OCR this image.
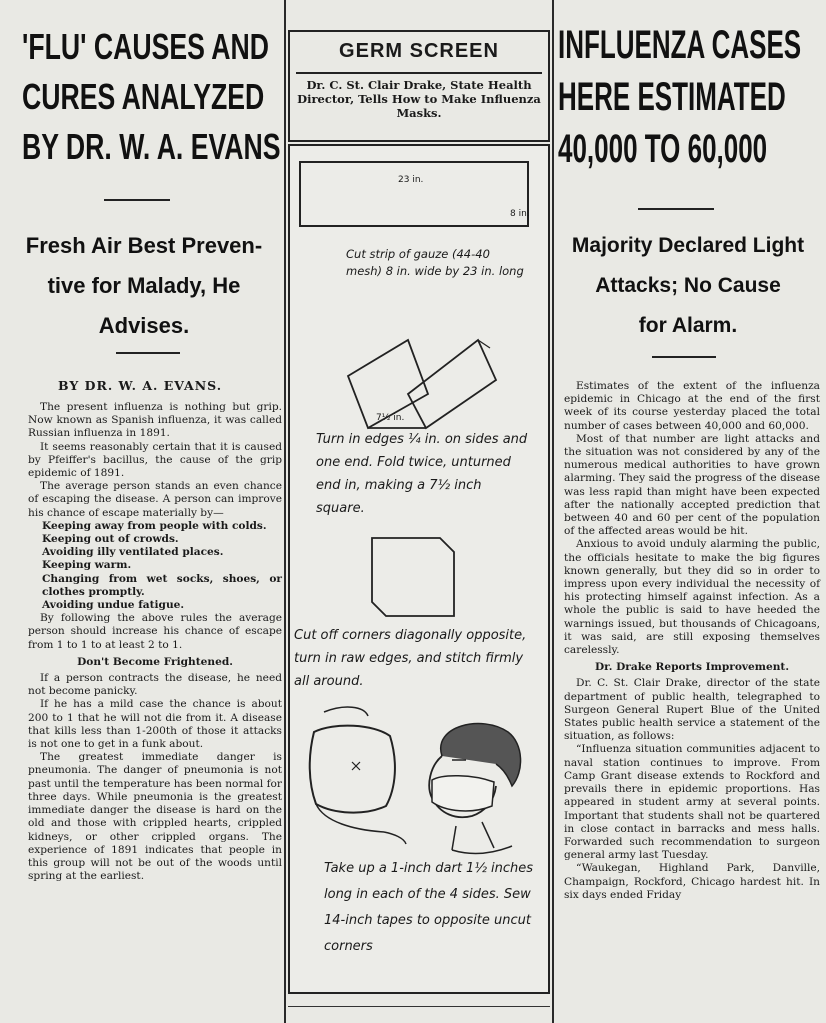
'FLU' CAUSES AND
CURES ANALYZED
BY DR. W. A. EVANS
Fresh Air Best Preven-
tive for Malady, He
Advises.
BY DR. W. A. EVANS.

The present influenza is nothing but grip. Now known as Spanish influenza, it was called Russian influenza in 1891.

It seems reasonably certain that it is caused by Pfeiffer's bacillus, the cause of the grip epidemic of 1891.

The average person stands an even chance of escaping the disease. A person can improve his chance of escape materially by—

Keeping away from people with colds.

Keeping out of crowds.

Avoiding illy ventilated places.

Keeping warm.

Changing from wet socks, shoes, or clothes promptly.

Avoiding undue fatigue.

By following the above rules the average person should increase his chance of escape from 1 to 1 to at least 2 to 1.

Don't Become Frightened.

If a person contracts the disease, he need not become panicky.

If he has a mild case the chance is about 200 to 1 that he will not die from it. A disease that kills less than 1-200th of those it attacks is not one to get in a funk about.

The greatest immediate danger is pneumonia. The danger of pneumonia is not past until the temperature has been normal for three days. While pneumonia is the greatest immediate danger the disease is hard on the old and those with crippled hearts, crippled kidneys, or other crippled organs. The experience of 1891 indicates that people in this group will not be out of the woods until spring at the earliest.

GERM SCREEN
Dr. C. St. Clair Drake, State Health Director, Tells How to Make Influenza Masks.
23 in.
8 in.
Cut strip of gauze (44-40 mesh) 8 in. wide by 23 in. long
7½ in.
Turn in edges ¼ in. on sides and one end. Fold twice, unturned end in, making a 7½ inch square.
Cut off corners diagonally opposite, turn in raw edges, and stitch firmly all around.
Take up a 1-inch dart 1½ inches long in each of the 4 sides. Sew 14-inch tapes to opposite uncut corners
INFLUENZA CASES
HERE ESTIMATED
40,000 TO 60,000
Majority Declared Light
Attacks; No Cause
for Alarm.

Estimates of the extent of the influenza epidemic in Chicago at the end of the first week of its course yesterday placed the total number of cases between 40,000 and 60,000.

Most of that number are light attacks and the situation was not considered by any of the numerous medical authorities to have grown alarming. They said the progress of the disease was less rapid than might have been expected after the nationally accepted prediction that between 40 and 60 per cent of the population of the affected areas would be hit.

Anxious to avoid unduly alarming the public, the officials hesitate to make the big figures known generally, but they did so in order to impress upon every individual the necessity of his protecting himself against infection. As a whole the public is said to have heeded the warnings issued, but thousands of Chicagoans, it was said, are still exposing themselves carelessly.

Dr. Drake Reports Improvement.

Dr. C. St. Clair Drake, director of the state department of public health, telegraphed to Surgeon General Rupert Blue of the United States public health service a statement of the situation, as follows:

“Influenza situation communities adjacent to naval station continues to improve. From Camp Grant disease extends to Rockford and prevails there in epidemic proportions. Has appeared in student army at several points. Important that students shall not be quartered in close contact in barracks and mess halls. Forwarded such recommendation to surgeon general army last Tuesday.

“Waukegan, Highland Park, Danville, Champaign, Rockford, Chicago hardest hit. In six days ended Friday
